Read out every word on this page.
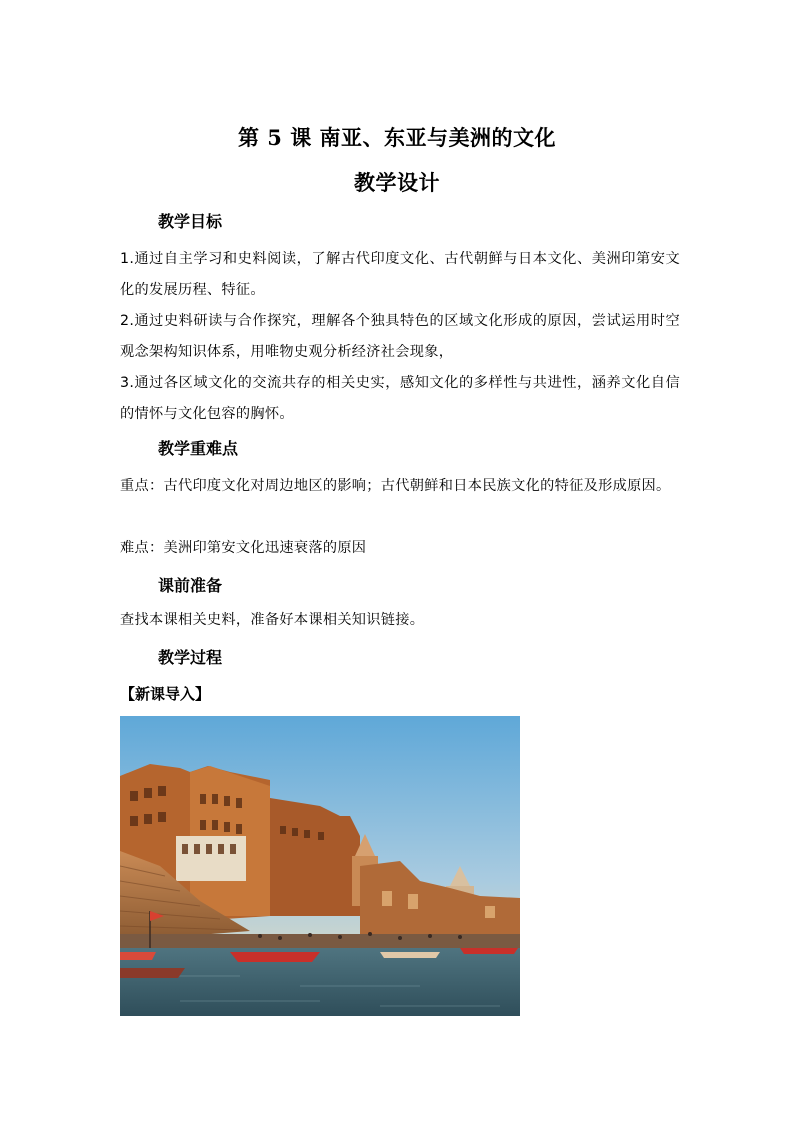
第 5 课 南亚、东亚与美洲的文化
教学设计
教学目标
1.通过自主学习和史料阅读，了解古代印度文化、古代朝鲜与日本文化、美洲印第安文化的发展历程、特征。
2.通过史料研读与合作探究，理解各个独具特色的区域文化形成的原因，尝试运用时空观念架构知识体系，用唯物史观分析经济社会现象，
3.通过各区域文化的交流共存的相关史实，感知文化的多样性与共进性，涵养文化自信的情怀与文化包容的胸怀。
教学重难点
重点：古代印度文化对周边地区的影响；古代朝鲜和日本民族文化的特征及形成原因。
难点：美洲印第安文化迅速衰落的原因
课前准备
查找本课相关史料，准备好本课相关知识链接。
教学过程
【新课导入】
